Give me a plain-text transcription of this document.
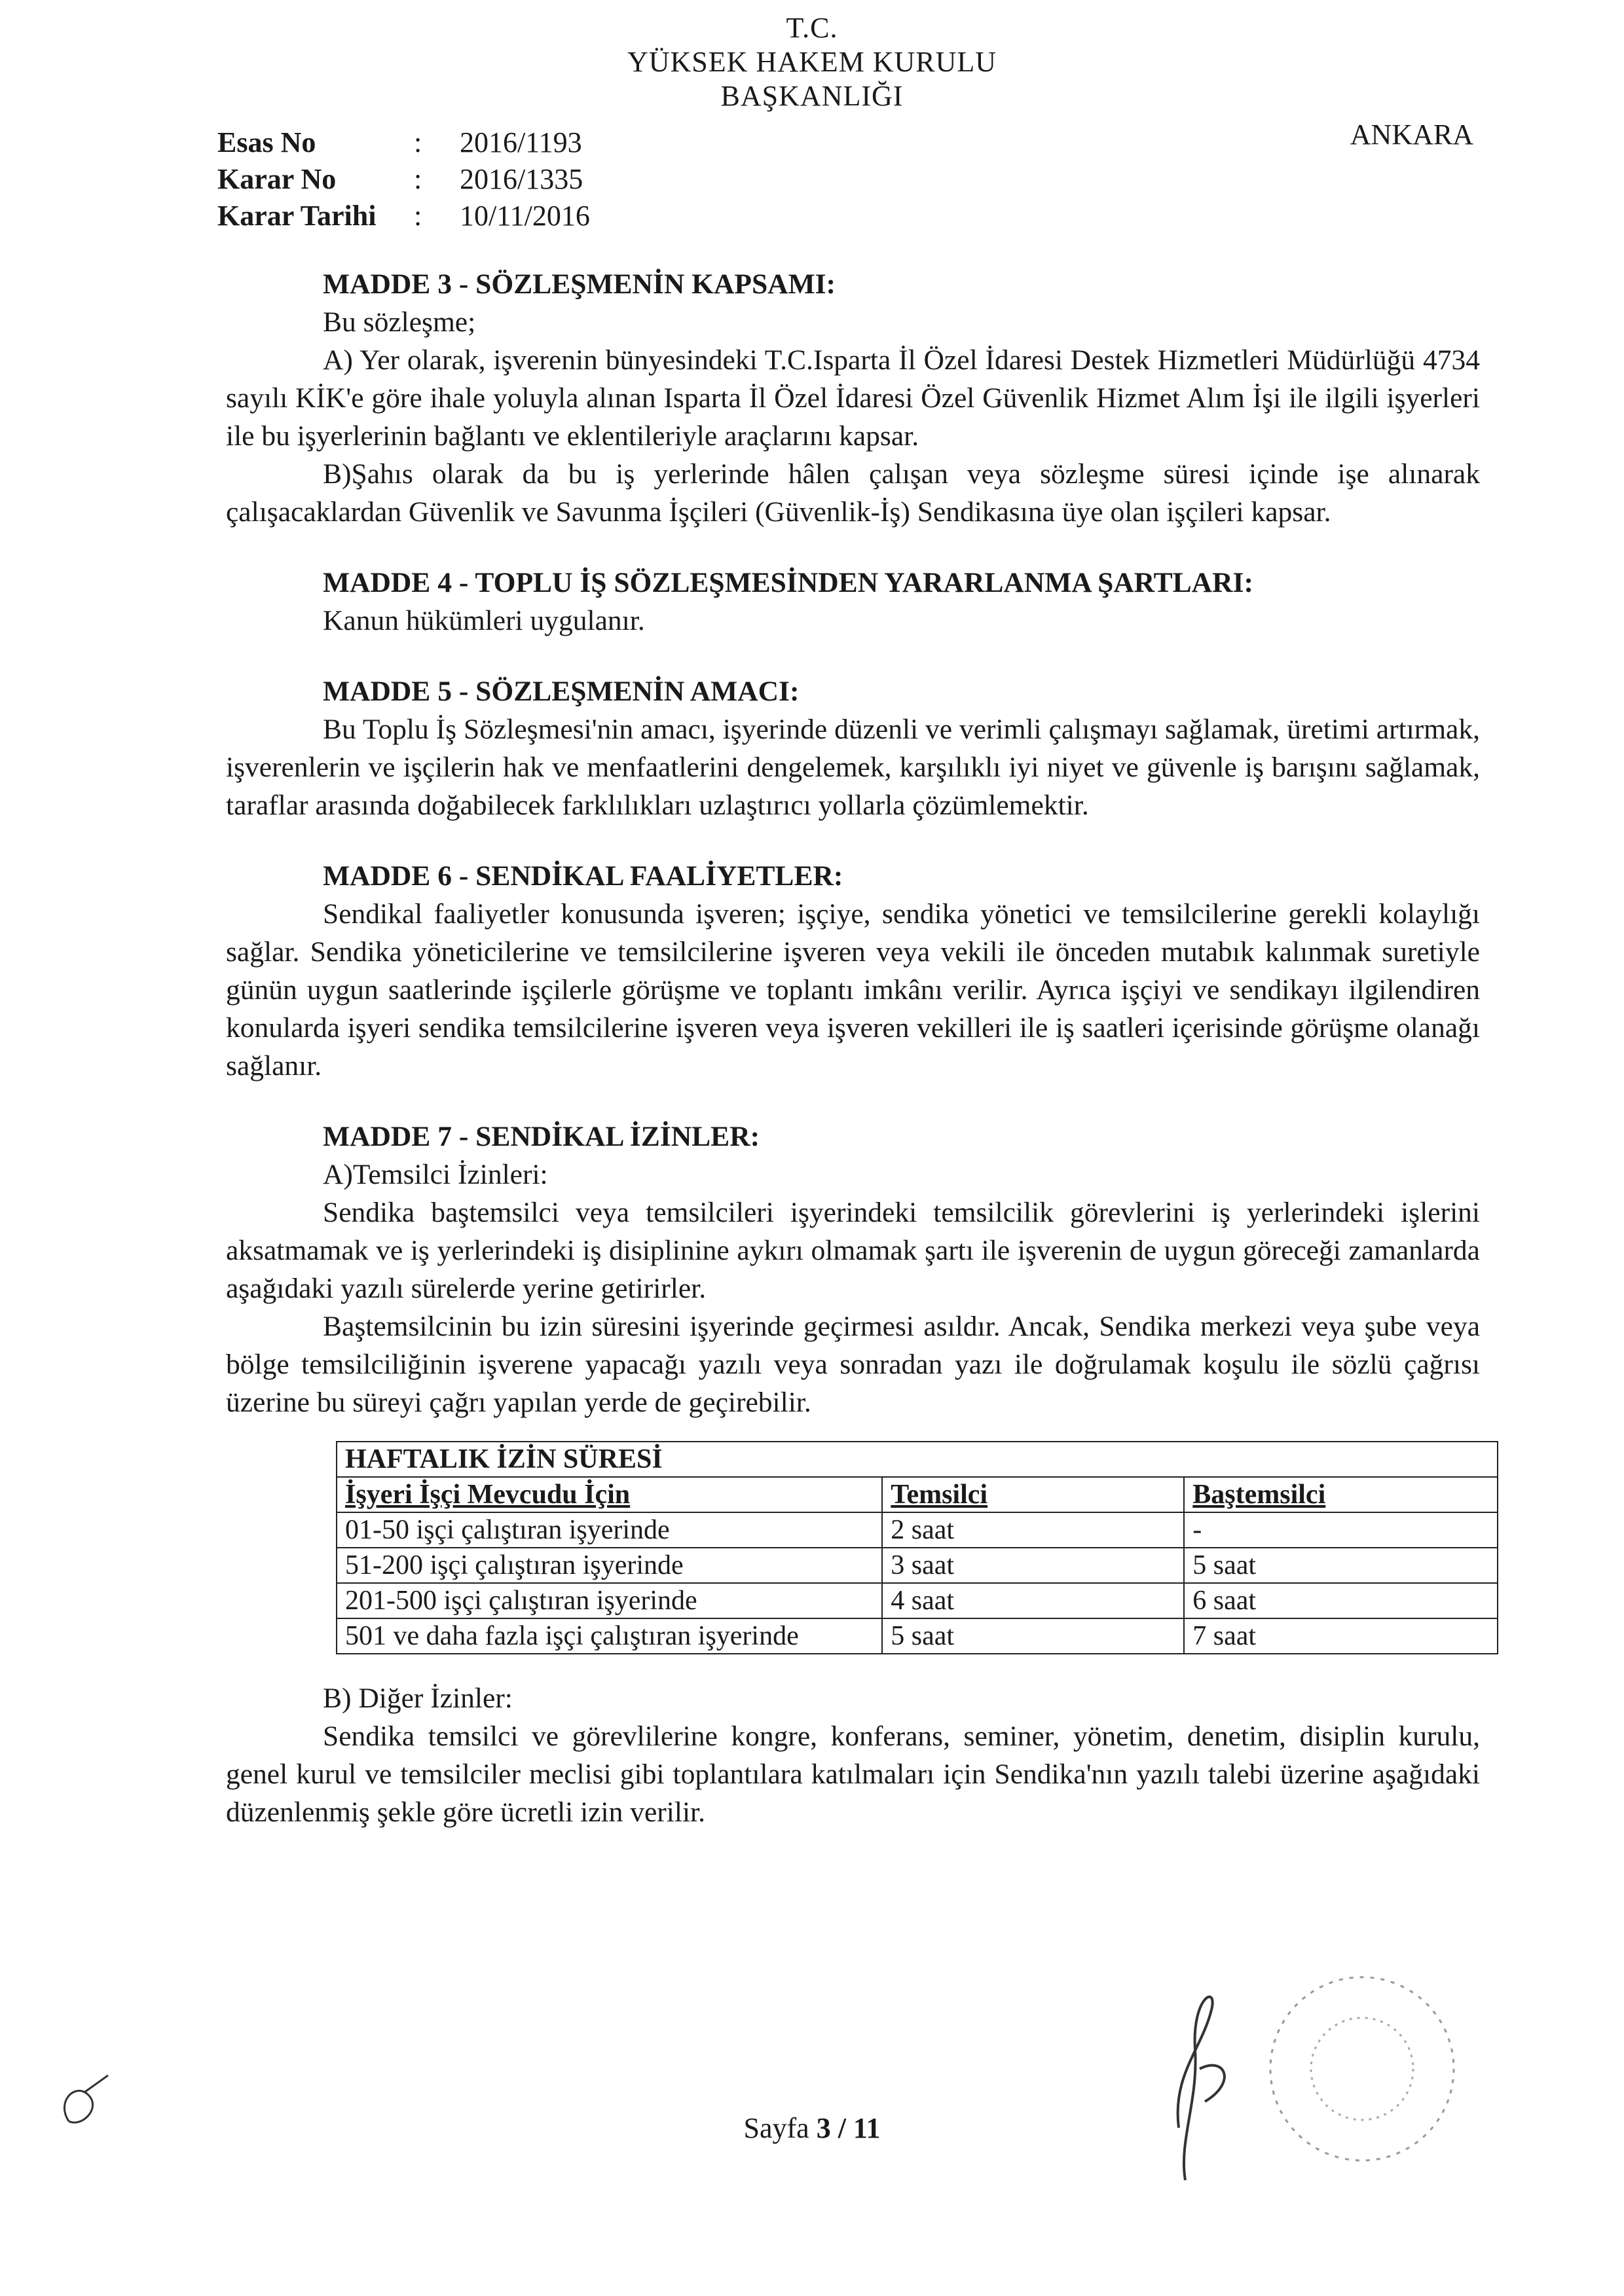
T.C.
YÜKSEK HAKEM KURULU
BAŞKANLIĞI
ANKARA
Esas No	:	2016/1193
Karar No	:	2016/1335
Karar Tarihi	:	10/11/2016
MADDE 3 - SÖZLEŞMENİN KAPSAMI:

Bu sözleşme;

A) Yer olarak, işverenin bünyesindeki T.C.Isparta İl Özel İdaresi Destek Hizmetleri Müdürlüğü 4734 sayılı KİK'e göre ihale yoluyla alınan Isparta İl Özel İdaresi Özel Güvenlik Hizmet Alım İşi ile ilgili işyerleri ile bu işyerlerinin bağlantı ve eklentileriyle araçlarını kapsar.

B)Şahıs olarak da bu iş yerlerinde hâlen çalışan veya sözleşme süresi içinde işe alınarak çalışacaklardan Güvenlik ve Savunma İşçileri (Güvenlik-İş) Sendikasına üye olan işçileri kapsar.

MADDE 4 - TOPLU İŞ SÖZLEŞMESİNDEN YARARLANMA ŞARTLARI:

Kanun hükümleri uygulanır.

MADDE 5 - SÖZLEŞMENİN AMACI:

Bu Toplu İş Sözleşmesi'nin amacı, işyerinde düzenli ve verimli çalışmayı sağlamak, üretimi artırmak, işverenlerin ve işçilerin hak ve menfaatlerini dengelemek, karşılıklı iyi niyet ve güvenle iş barışını sağlamak, taraflar arasında doğabilecek farklılıkları uzlaştırıcı yollarla çözümlemektir.

MADDE 6 - SENDİKAL FAALİYETLER:

Sendikal faaliyetler konusunda işveren; işçiye, sendika yönetici ve temsilcilerine gerekli kolaylığı sağlar. Sendika yöneticilerine ve temsilcilerine işveren veya vekili ile önceden mutabık kalınmak suretiyle günün uygun saatlerinde işçilerle görüşme ve toplantı imkânı verilir. Ayrıca işçiyi ve sendikayı ilgilendiren konularda işyeri sendika temsilcilerine işveren veya işveren vekilleri ile iş saatleri içerisinde görüşme olanağı sağlanır.

MADDE 7 - SENDİKAL İZİNLER:

A)Temsilci İzinleri:

Sendika baştemsilci veya temsilcileri işyerindeki temsilcilik görevlerini iş yerlerindeki işlerini aksatmamak ve iş yerlerindeki iş disiplinine aykırı olmamak şartı ile işverenin de uygun göreceği zamanlarda aşağıdaki yazılı sürelerde yerine getirirler.

Baştemsilcinin bu izin süresini işyerinde geçirmesi asıldır. Ancak, Sendika merkezi veya şube veya bölge temsilciliğinin işverene yapacağı yazılı veya sonradan yazı ile doğrulamak koşulu ile sözlü çağrısı üzerine bu süreyi çağrı yapılan yerde de geçirebilir.

HAFTALIK İZİN SÜRESİ		
İşyeri İşçi Mevcudu İçin	Temsilci	Baştemsilci
01-50 işçi çalıştıran işyerinde	2 saat	-
51-200 işçi çalıştıran işyerinde	3 saat	5 saat
201-500 işçi çalıştıran işyerinde	4 saat	6 saat
501 ve daha fazla işçi çalıştıran işyerinde	5 saat	7 saat

B) Diğer İzinler:

Sendika temsilci ve görevlilerine kongre, konferans, seminer, yönetim, denetim, disiplin kurulu, genel kurul ve temsilciler meclisi gibi toplantılara katılmaları için Sendika'nın yazılı talebi üzerine aşağıdaki düzenlenmiş şekle göre ücretli izin verilir.

Sayfa 3 / 11
